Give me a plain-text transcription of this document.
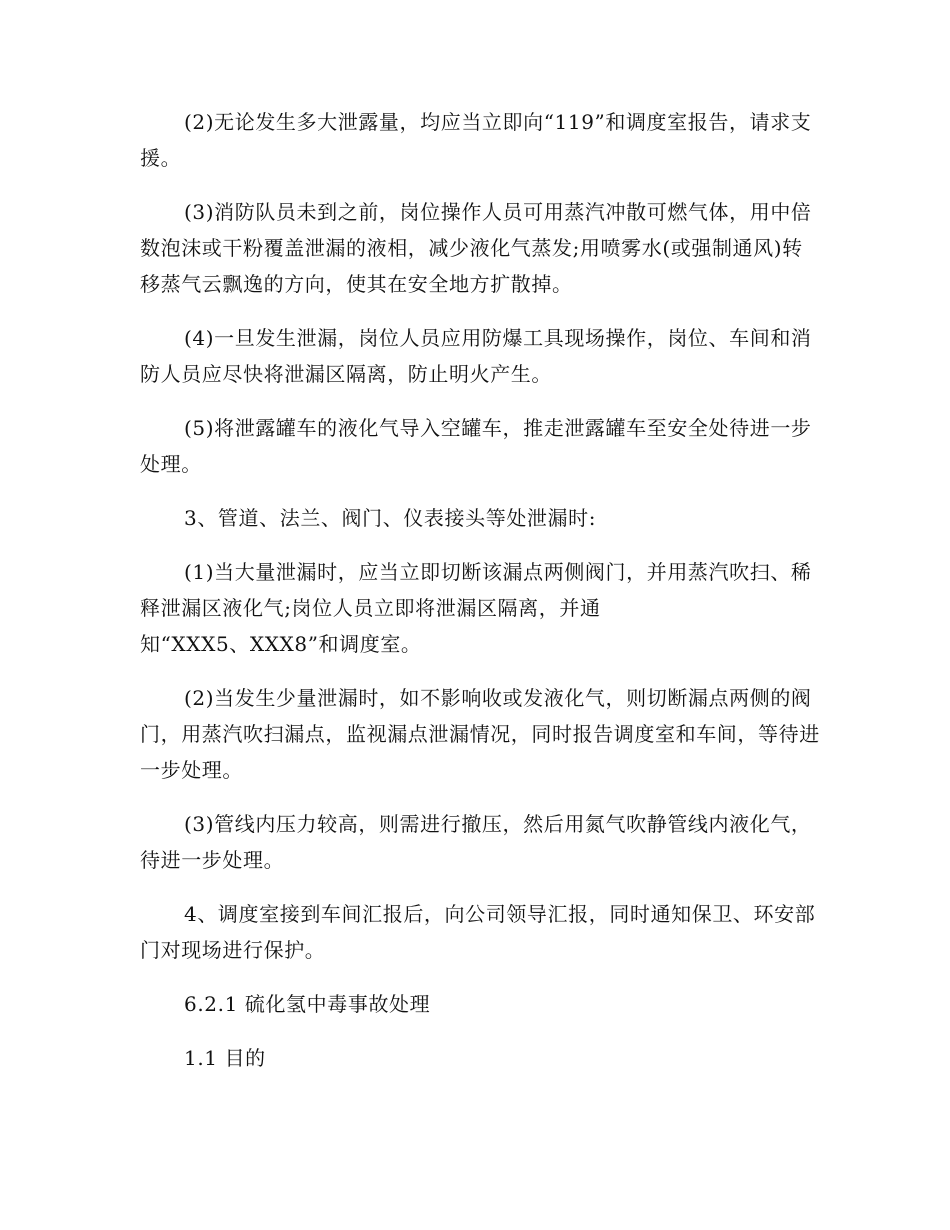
(2)无论发生多大泄露量，均应当立即向“119”和调度室报告，请求支援。

(3)消防队员未到之前，岗位操作人员可用蒸汽冲散可燃气体，用中倍数泡沫或干粉覆盖泄漏的液相，减少液化气蒸发;用喷雾水(或强制通风)转移蒸气云飘逸的方向，使其在安全地方扩散掉。

(4)一旦发生泄漏，岗位人员应用防爆工具现场操作，岗位、车间和消防人员应尽快将泄漏区隔离，防止明火产生。

(5)将泄露罐车的液化气导入空罐车，推走泄露罐车至安全处待进一步处理。

3、管道、法兰、阀门、仪表接头等处泄漏时:

(1)当大量泄漏时，应当立即切断该漏点两侧阀门，并用蒸汽吹扫、稀释泄漏区液化气;岗位人员立即将泄漏区隔离，并通
知“XXX5、XXX8”和调度室。

(2)当发生少量泄漏时，如不影响收或发液化气，则切断漏点两侧的阀门，用蒸汽吹扫漏点，监视漏点泄漏情况，同时报告调度室和车间，等待进一步处理。

(3)管线内压力较高，则需进行撤压，然后用氮气吹静管线内液化气，待进一步处理。

4、调度室接到车间汇报后，向公司领导汇报，同时通知保卫、环安部门对现场进行保护。

6.2.1 硫化氢中毒事故处理

1.1 目的
